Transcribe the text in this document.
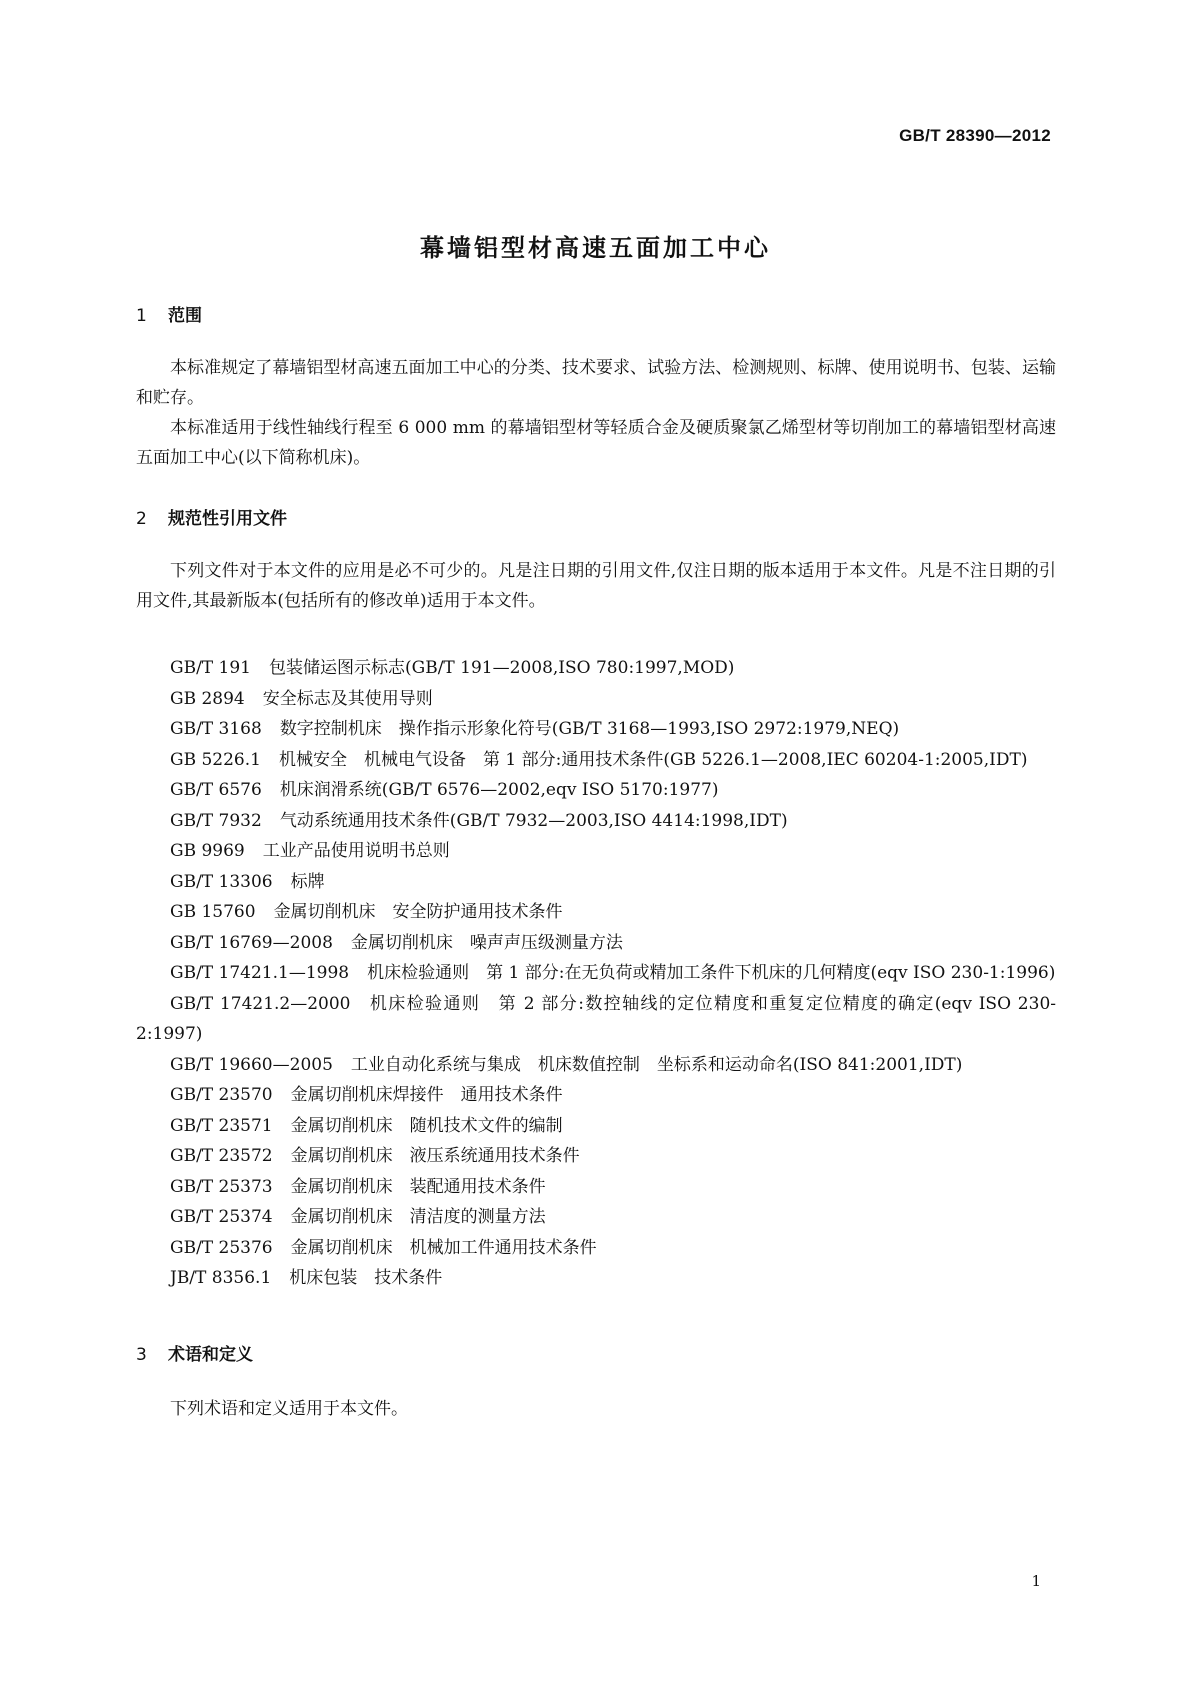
GB/T 28390—2012
幕墙铝型材高速五面加工中心
1 范围

本标准规定了幕墙铝型材高速五面加工中心的分类、技术要求、试验方法、检测规则、标牌、使用说明书、包装、运输和贮存。

本标准适用于线性轴线行程至 6 000 mm 的幕墙铝型材等轻质合金及硬质聚氯乙烯型材等切削加工的幕墙铝型材高速五面加工中心(以下简称机床)。

2 规范性引用文件

下列文件对于本文件的应用是必不可少的。凡是注日期的引用文件,仅注日期的版本适用于本文件。凡是不注日期的引用文件,其最新版本(包括所有的修改单)适用于本文件。

GB/T 191 包装储运图示标志(GB/T 191—2008,ISO 780:1997,MOD)
GB 2894 安全标志及其使用导则
GB/T 3168 数字控制机床　操作指示形象化符号(GB/T 3168—1993,ISO 2972:1979,NEQ)
GB 5226.1 机械安全　机械电气设备　第 1 部分:通用技术条件(GB 5226.1—2008,IEC 60204-1:2005,IDT)
GB/T 6576 机床润滑系统(GB/T 6576—2002,eqv ISO 5170:1977)
GB/T 7932 气动系统通用技术条件(GB/T 7932—2003,ISO 4414:1998,IDT)
GB 9969 工业产品使用说明书总则
GB/T 13306 标牌
GB 15760 金属切削机床　安全防护通用技术条件
GB/T 16769—2008 金属切削机床　噪声声压级测量方法
GB/T 17421.1—1998 机床检验通则　第 1 部分:在无负荷或精加工条件下机床的几何精度(eqv ISO 230-1:1996)
GB/T 17421.2—2000 机床检验通则　第 2 部分:数控轴线的定位精度和重复定位精度的确定(eqv ISO 230-2:1997)
GB/T 19660—2005 工业自动化系统与集成　机床数值控制　坐标系和运动命名(ISO 841:2001,IDT)
GB/T 23570 金属切削机床焊接件　通用技术条件
GB/T 23571 金属切削机床　随机技术文件的编制
GB/T 23572 金属切削机床　液压系统通用技术条件
GB/T 25373 金属切削机床　装配通用技术条件
GB/T 25374 金属切削机床　清洁度的测量方法
GB/T 25376 金属切削机床　机械加工件通用技术条件
JB/T 8356.1 机床包装　技术条件
3 术语和定义

下列术语和定义适用于本文件。

1
